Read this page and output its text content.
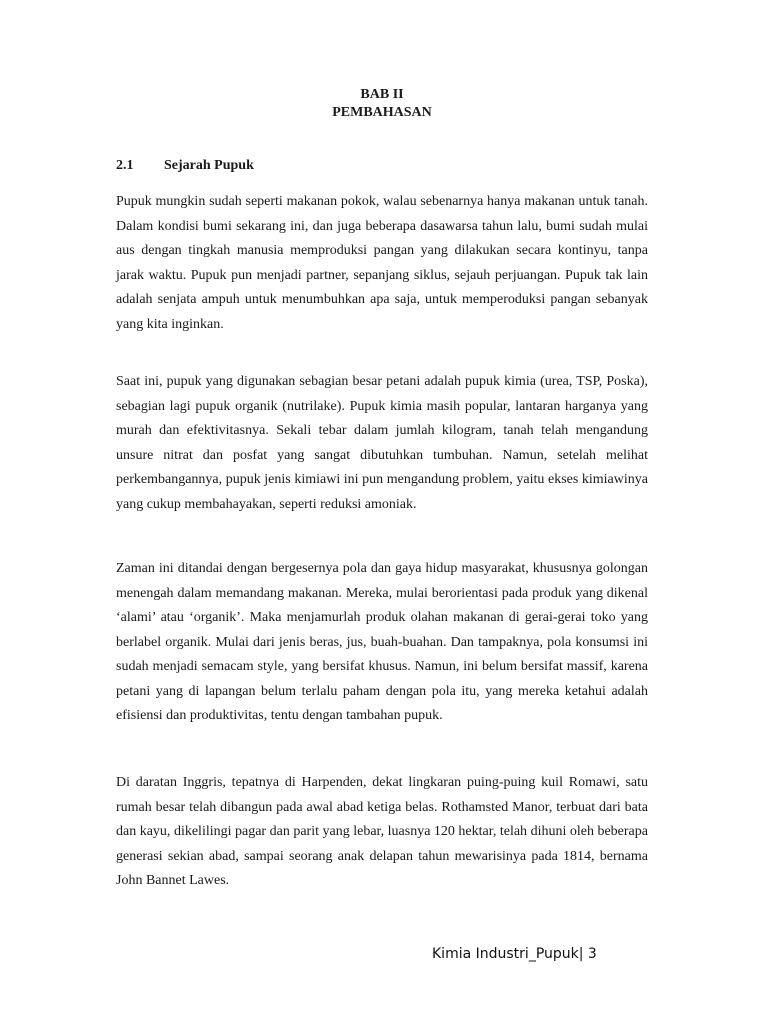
BAB II
PEMBAHASAN
2.1 Sejarah Pupuk

Pupuk mungkin sudah seperti makanan pokok, walau sebenarnya hanya makanan untuk tanah. Dalam kondisi bumi sekarang ini, dan juga beberapa dasawarsa tahun lalu, bumi sudah mulai aus dengan tingkah manusia memproduksi pangan yang dilakukan secara kontinyu, tanpa jarak waktu. Pupuk pun menjadi partner, sepanjang siklus, sejauh perjuangan. Pupuk tak lain adalah senjata ampuh untuk menumbuhkan apa saja, untuk memperoduksi pangan sebanyak yang kita inginkan.

Saat ini, pupuk yang digunakan sebagian besar petani adalah pupuk kimia (urea, TSP, Poska), sebagian lagi pupuk organik (nutrilake). Pupuk kimia masih popular, lantaran harganya yang murah dan efektivitasnya. Sekali tebar dalam jumlah kilogram, tanah telah mengandung unsure nitrat dan posfat yang sangat dibutuhkan tumbuhan. Namun, setelah melihat perkembangannya, pupuk jenis kimiawi ini pun mengandung problem, yaitu ekses kimiawinya yang cukup membahayakan, seperti reduksi amoniak.

Zaman ini ditandai dengan bergesernya pola dan gaya hidup masyarakat, khususnya golongan menengah dalam memandang makanan. Mereka, mulai berorientasi pada produk yang dikenal ‘alami’ atau ‘organik’. Maka menjamurlah produk olahan makanan di gerai-gerai toko yang berlabel organik. Mulai dari jenis beras, jus, buah-buahan. Dan tampaknya, pola konsumsi ini sudah menjadi semacam style, yang bersifat khusus. Namun, ini belum bersifat massif, karena petani yang di lapangan belum terlalu paham dengan pola itu, yang mereka ketahui adalah efisiensi dan produktivitas, tentu dengan tambahan pupuk.

Di daratan Inggris, tepatnya di Harpenden, dekat lingkaran puing-puing kuil Romawi, satu rumah besar telah dibangun pada awal abad ketiga belas. Rothamsted Manor, terbuat dari bata dan kayu, dikelilingi pagar dan parit yang lebar, luasnya 120 hektar, telah dihuni oleh beberapa generasi sekian abad, sampai seorang anak delapan tahun mewarisinya pada 1814, bernama John Bannet Lawes.

Kimia Industri_Pupuk| 3
